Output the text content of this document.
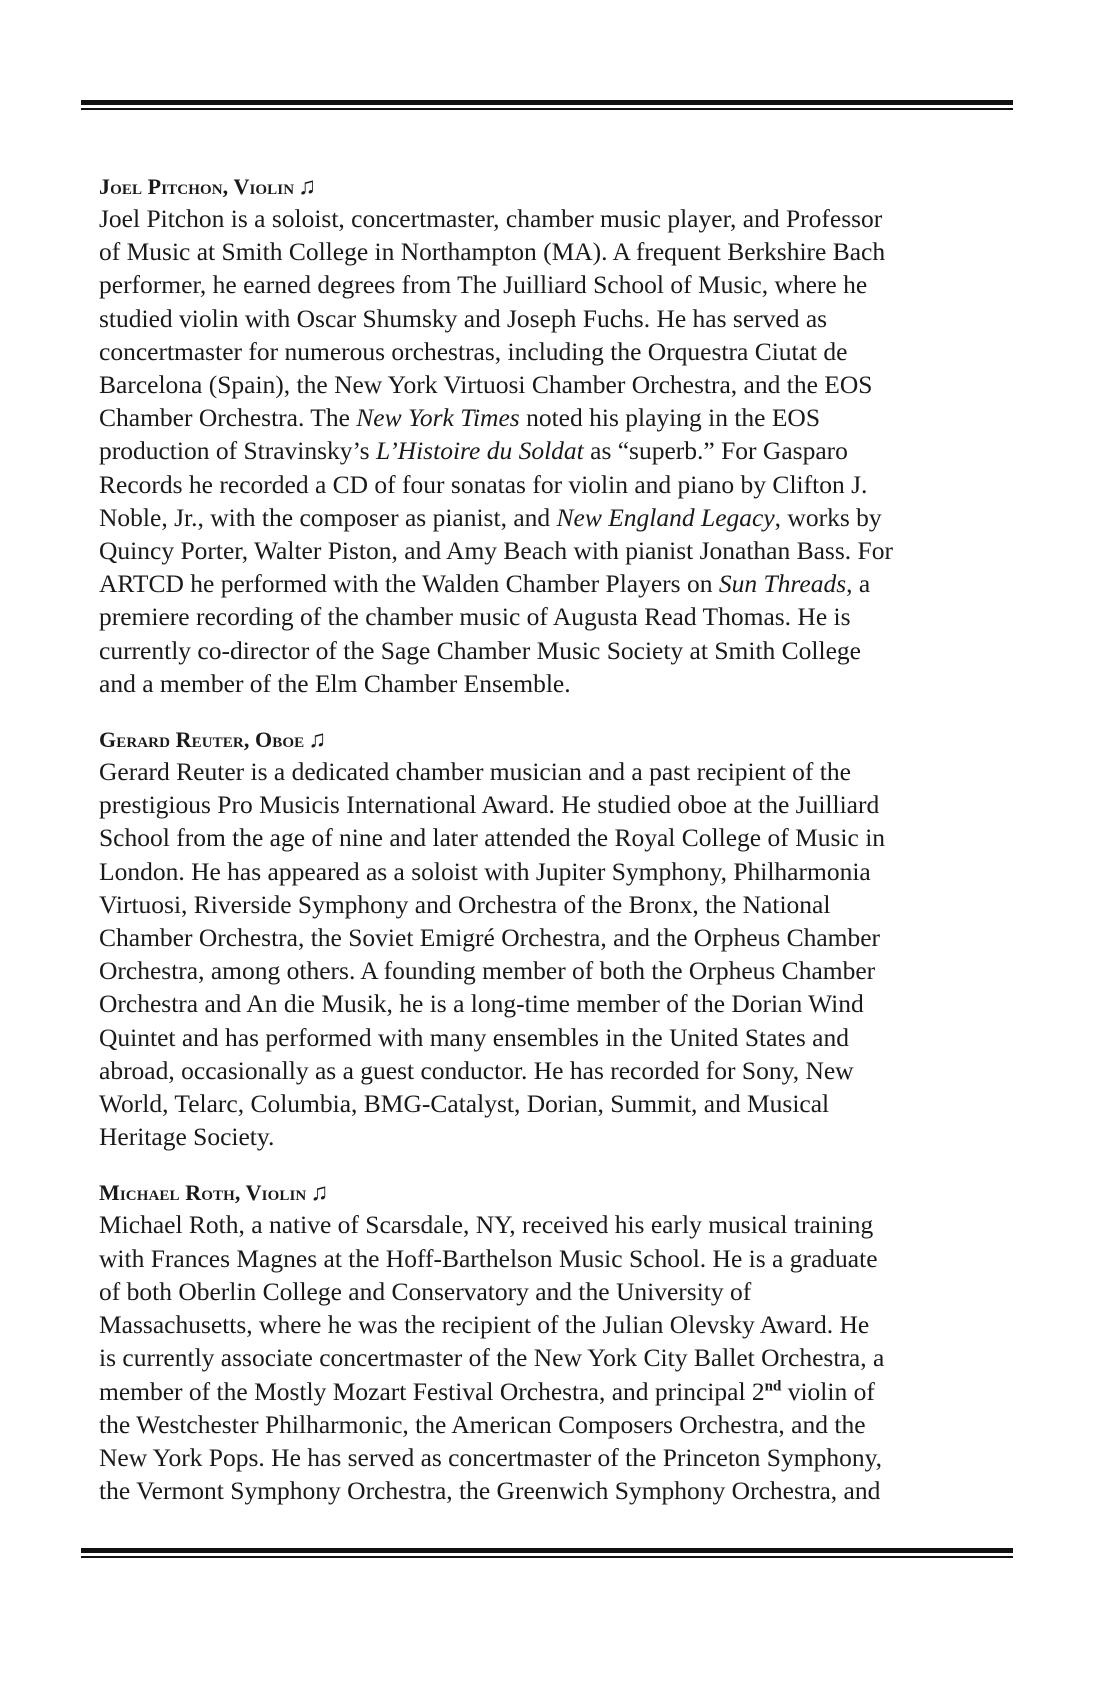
Joel Pitchon, Violin ♫

Joel Pitchon is a soloist, concertmaster, chamber music player, and Professor
of Music at Smith College in Northampton (MA). A frequent Berkshire Bach
performer, he earned degrees from The Juilliard School of Music, where he
studied violin with Oscar Shumsky and Joseph Fuchs. He has served as
concertmaster for numerous orchestras, including the Orquestra Ciutat de
Barcelona (Spain), the New York Virtuosi Chamber Orchestra, and the EOS
Chamber Orchestra. The New York Times noted his playing in the EOS
production of Stravinsky’s L’Histoire du Soldat as “superb.” For Gasparo
Records he recorded a CD of four sonatas for violin and piano by Clifton J.
Noble, Jr., with the composer as pianist, and New England Legacy, works by
Quincy Porter, Walter Piston, and Amy Beach with pianist Jonathan Bass. For
ARTCD he performed with the Walden Chamber Players on Sun Threads, a
premiere recording of the chamber music of Augusta Read Thomas. He is
currently co-director of the Sage Chamber Music Society at Smith College
and a member of the Elm Chamber Ensemble.

Gerard Reuter, Oboe ♫

Gerard Reuter is a dedicated chamber musician and a past recipient of the
prestigious Pro Musicis International Award. He studied oboe at the Juilliard
School from the age of nine and later attended the Royal College of Music in
London. He has appeared as a soloist with Jupiter Symphony, Philharmonia
Virtuosi, Riverside Symphony and Orchestra of the Bronx, the National
Chamber Orchestra, the Soviet Emigré Orchestra, and the Orpheus Chamber
Orchestra, among others. A founding member of both the Orpheus Chamber
Orchestra and An die Musik, he is a long-time member of the Dorian Wind
Quintet and has performed with many ensembles in the United States and
abroad, occasionally as a guest conductor. He has recorded for Sony, New
World, Telarc, Columbia, BMG-Catalyst, Dorian, Summit, and Musical
Heritage Society.

Michael Roth, Violin ♫

Michael Roth, a native of Scarsdale, NY, received his early musical training
with Frances Magnes at the Hoff-Barthelson Music School. He is a graduate
of both Oberlin College and Conservatory and the University of
Massachusetts, where he was the recipient of the Julian Olevsky Award. He
is currently associate concertmaster of the New York City Ballet Orchestra, a
member of the Mostly Mozart Festival Orchestra, and principal 2nd violin of
the Westchester Philharmonic, the American Composers Orchestra, and the
New York Pops. He has served as concertmaster of the Princeton Symphony,
the Vermont Symphony Orchestra, the Greenwich Symphony Orchestra, and
